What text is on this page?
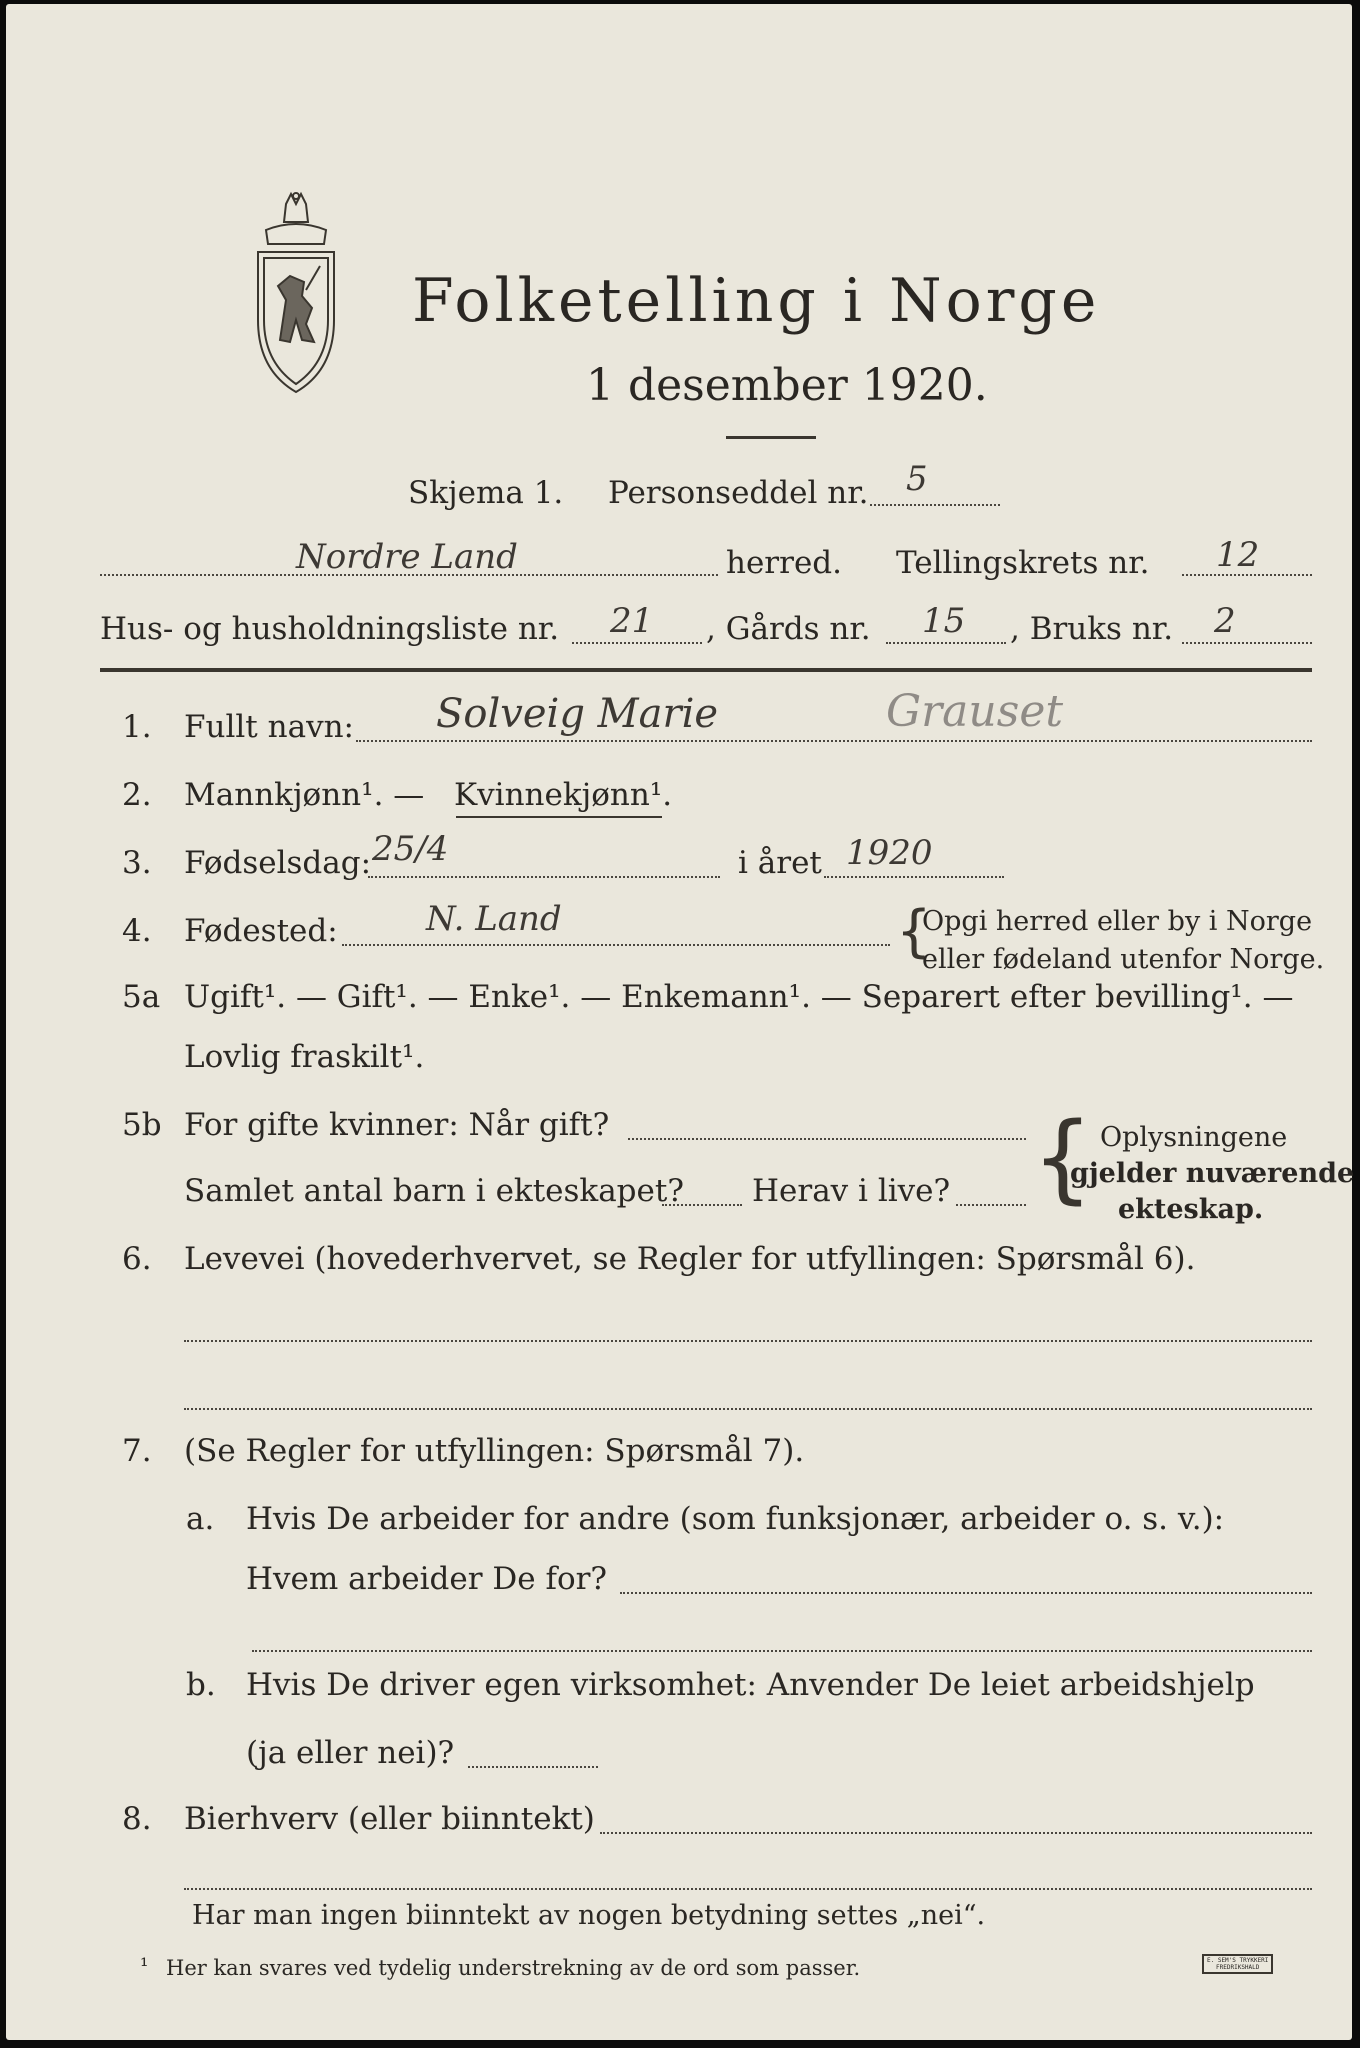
Folketelling i Norge
1 desember 1920.
Skjema 1. Personseddel nr. 5
Nordre Land	herred. Tellingskrets nr. 12
Hus- og husholdningsliste nr. 21 , Gårds nr. 15 , Bruks nr. 2
1. Fullt navn: Solveig Marie	Grauset
2. Mannkjønn¹. — Kvinnekjønn¹.
3. Fødselsdag: 25/4	i året 1920
4. Fødested:	N. Land	{
Opgi herred eller by i Norge
eller fødeland utenfor Norge.
5a Ugift¹. — Gift¹. — Enke¹. — Enkemann¹. — Separert efter bevilling¹. —
Lovlig fraskilt¹.
5b For gifte kvinner: Når gift?
Samlet antal barn i ekteskapet? Herav i live? { Oplysningene
gjelder nuværende
ekteskap.
6. Levevei (hovederhvervet, se Regler for utfyllingen: Spørsmål 6).
7. (Se Regler for utfyllingen: Spørsmål 7).
a. Hvis De arbeider for andre (som funksjonær, arbeider o. s. v.):
Hvem arbeider De for?
b. Hvis De driver egen virksomhet: Anvender De leiet arbeidshjelp
(ja eller nei)?
8. Bierhverv (eller biinntekt)
Har man ingen biinntekt av nogen betydning settes „nei“.
¹ Her kan svares ved tydelig understrekning av de ord som passer.	E. SEM'S TRYKKERI
FREDRIKSHALD
